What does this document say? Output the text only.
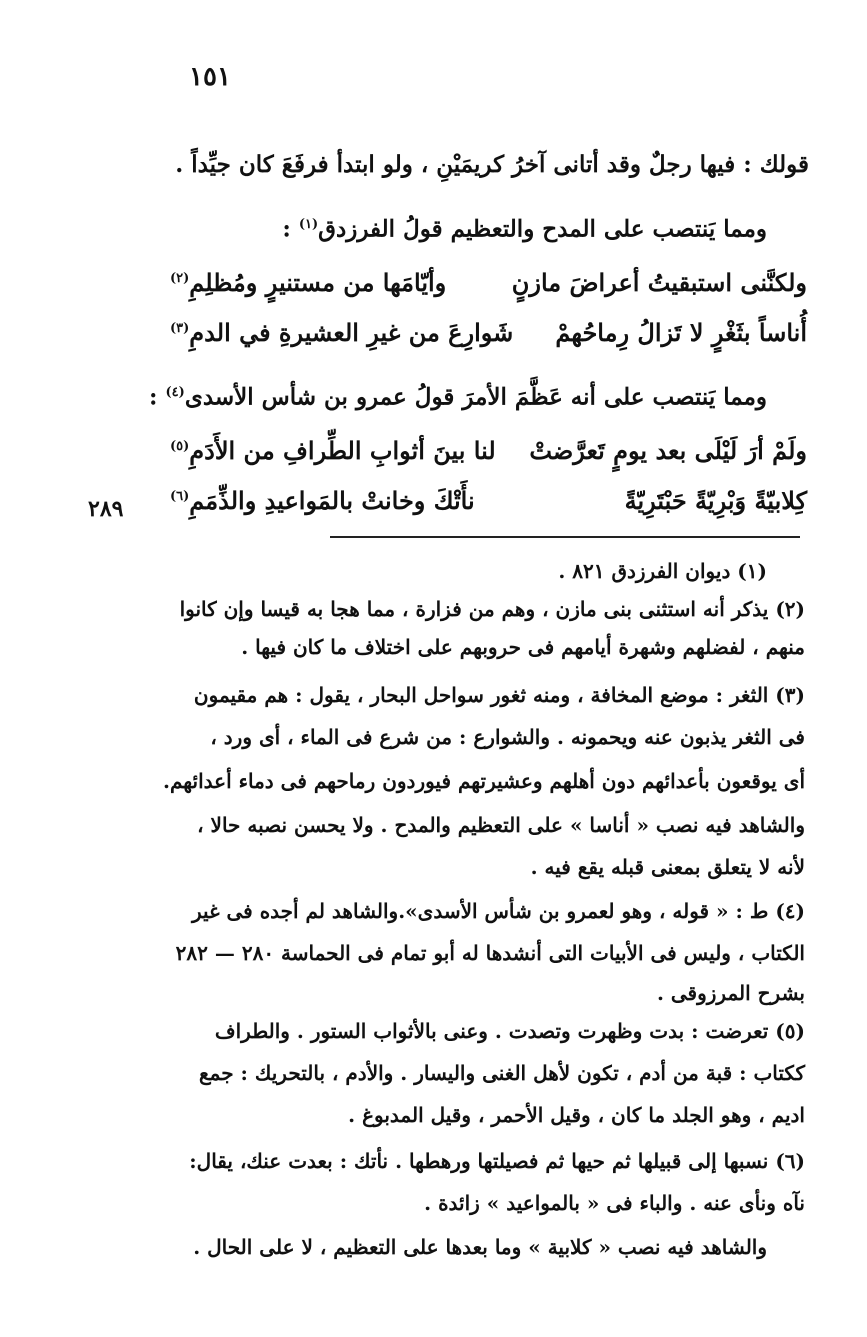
١٥١
قولك : فيها رجلٌ وقد أتانى آخرُ كريمَيْنِ ، ولو ابتدأ فرفَعَ كان جيِّداً .
ومما يَنتصب على المدح والتعظيم قولُ الفرزدق$^{(١)}$ :
ولكنَّنى استبقيتُ أعراضَ مازنٍ
وأيّامَها من مستنيرٍ ومُظلِمِ$^{(٢)}$
أُناساً بثَغْرٍ لا تَزالُ رِماحُهمْ
شَوارِعَ من غيرِ العشيرةِ في الدمِ$^{(٣)}$
ومما يَنتصب على أنه عَظَّمَ الأمرَ قولُ عمرو بن شأس الأسدى$^{(٤)}$ :
ولَمْ أرَ لَيْلَى بعد يومٍ تَعرَّضتْ
لنا بينَ أثوابِ الطِّرافِ من الأَدَمِ$^{(٥)}$
كِلابيّةً وَبْرِيّةً حَبْتَرِيّةً
نأَتْكَ وخانتْ بالمَواعيدِ والذِّمَمِ$^{(٦)}$
٢٨٩
(١) ديوان الفرزدق ٨٢١ .
(٢) يذكر أنه استثنى بنى مازن ، وهم من فزارة ، مما هجا به قيسا وإن كانوا
منهم ، لفضلهم وشهرة أيامهم فى حروبهم على اختلاف ما كان فيها .
(٣) الثغر : موضع المخافة ، ومنه ثغور سواحل البحار ، يقول : هم مقيمون
فى الثغر يذبون عنه ويحمونه . والشوارع : من شرع فى الماء ، أى ورد ،
أى يوقعون بأعدائهم دون أهلهم وعشيرتهم فيوردون رماحهم فى دماء أعدائهم.
والشاهد فيه نصب « أناسا » على التعظيم والمدح . ولا يحسن نصبه حالا ،
لأنه لا يتعلق بمعنى قبله يقع فيه .
(٤) ط : « قوله ، وهو لعمرو بن شأس الأسدى».والشاهد لم أجده فى غير
الكتاب ، وليس فى الأبيات التى أنشدها له أبو تمام فى الحماسة ٢٨٠ — ٢٨٢
بشرح المرزوقى .
(٥) تعرضت : بدت وظهرت وتصدت . وعنى بالأثواب الستور . والطراف
ككتاب : قبة من أدم ، تكون لأهل الغنى واليسار . والأدم ، بالتحريك : جمع
اديم ، وهو الجلد ما كان ، وقيل الأحمر ، وقيل المدبوغ .
(٦) نسبها إلى قبيلها ثم حيها ثم فصيلتها ورهطها . نأتك : بعدت عنك، يقال:
نآه ونأى عنه . والباء فى « بالمواعيد » زائدة .
والشاهد فيه نصب « كلابية » وما بعدها على التعظيم ، لا على الحال .
